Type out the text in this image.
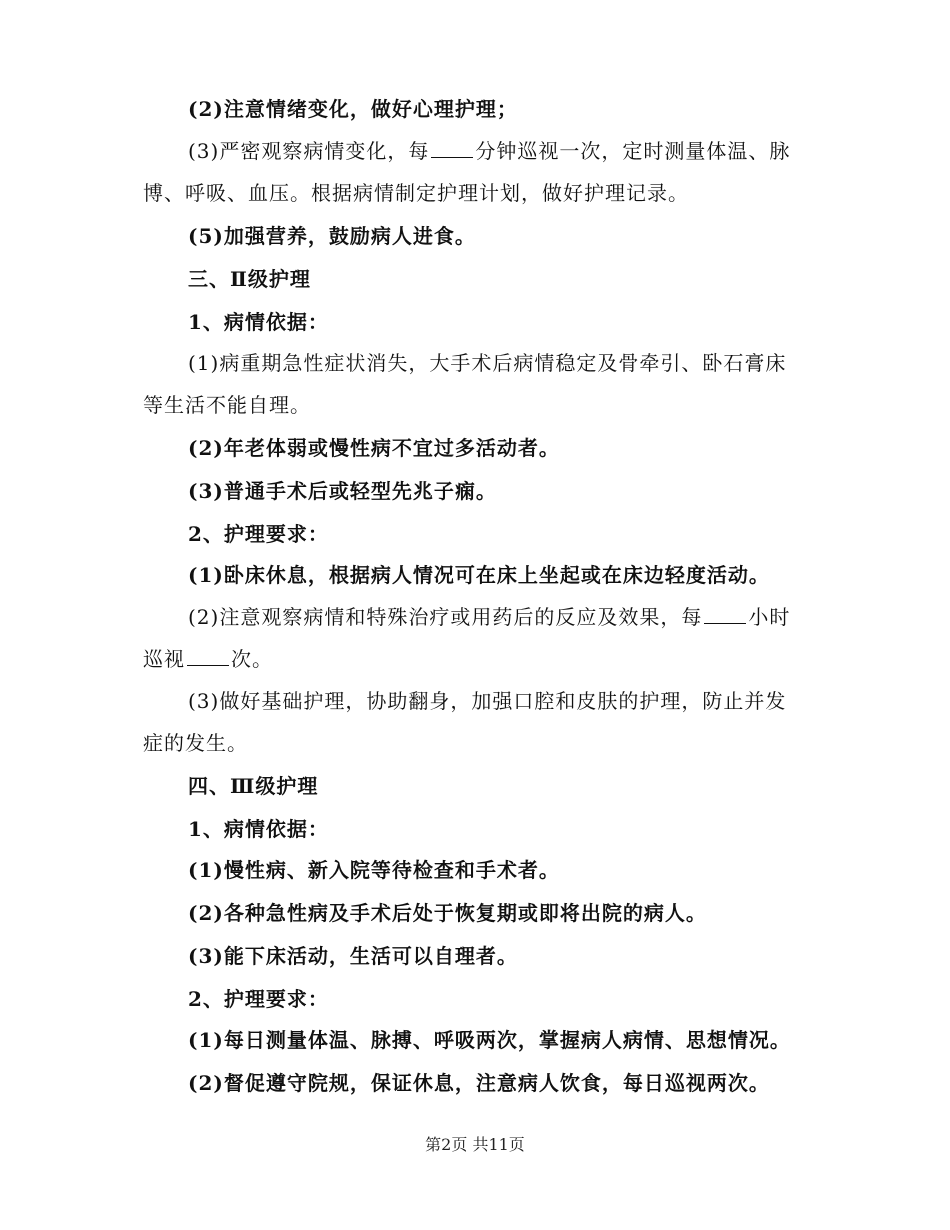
(2)注意情绪变化，做好心理护理；
(3)严密观察病情变化，每 分钟巡视一次，定时测量体温、脉
博、呼吸、血压。根据病情制定护理计划，做好护理记录。
(5)加强营养，鼓励病人进食。
三、Ⅱ级护理
1、病情依据：
(1)病重期急性症状消失，大手术后病情稳定及骨牵引、卧石膏床
等生活不能自理。
(2)年老体弱或慢性病不宜过多活动者。
(3)普通手术后或轻型先兆子痫。
2、护理要求：
(1)卧床休息，根据病人情况可在床上坐起或在床边轻度活动。
(2)注意观察病情和特殊治疗或用药后的反应及效果，每 小时
巡视 次。
(3)做好基础护理，协助翻身，加强口腔和皮肤的护理，防止并发
症的发生。
四、Ⅲ级护理
1、病情依据：
(1)慢性病、新入院等待检查和手术者。
(2)各种急性病及手术后处于恢复期或即将出院的病人。
(3)能下床活动，生活可以自理者。
2、护理要求：
(1)每日测量体温、脉搏、呼吸两次，掌握病人病情、思想情况。
(2)督促遵守院规，保证休息，注意病人饮食，每日巡视两次。
第2页 共11页
